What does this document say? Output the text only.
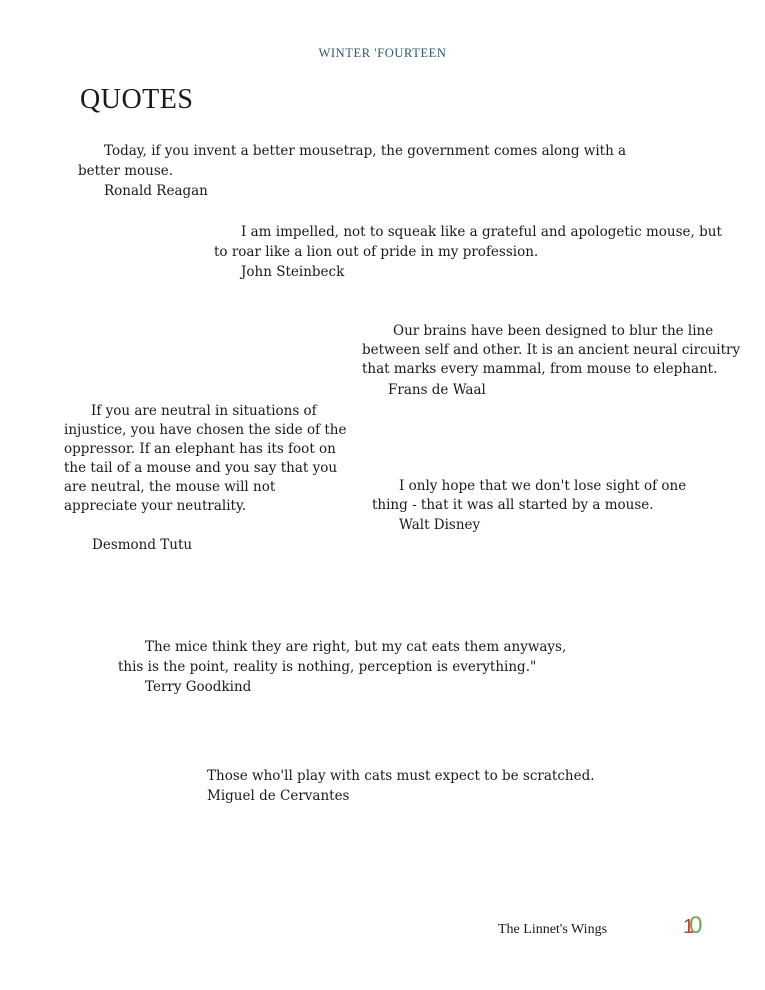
WINTER 'FOURTEEN
QUOTES
Today, if you invent a better mousetrap, the government comes along with a
better mouse.
Ronald Reagan
I am impelled, not to squeak like a grateful and apologetic mouse, but
to roar like a lion out of pride in my profession.
John Steinbeck
Our brains have been designed to blur the line
between self and other. It is an ancient neural circuitry
that marks every mammal, from mouse to elephant.
Frans de Waal
If you are neutral in situations of
injustice, you have chosen the side of the
oppressor. If an elephant has its foot on
the tail of a mouse and you say that you
are neutral, the mouse will not
appreciate your neutrality.
Desmond Tutu
I only hope that we don't lose sight of one
thing - that it was all started by a mouse.
Walt Disney
The mice think they are right, but my cat eats them anyways,
this is the point, reality is nothing, perception is everything."
Terry Goodkind
Those who'll play with cats must expect to be scratched.
Miguel de Cervantes
The Linnet's Wings	10
